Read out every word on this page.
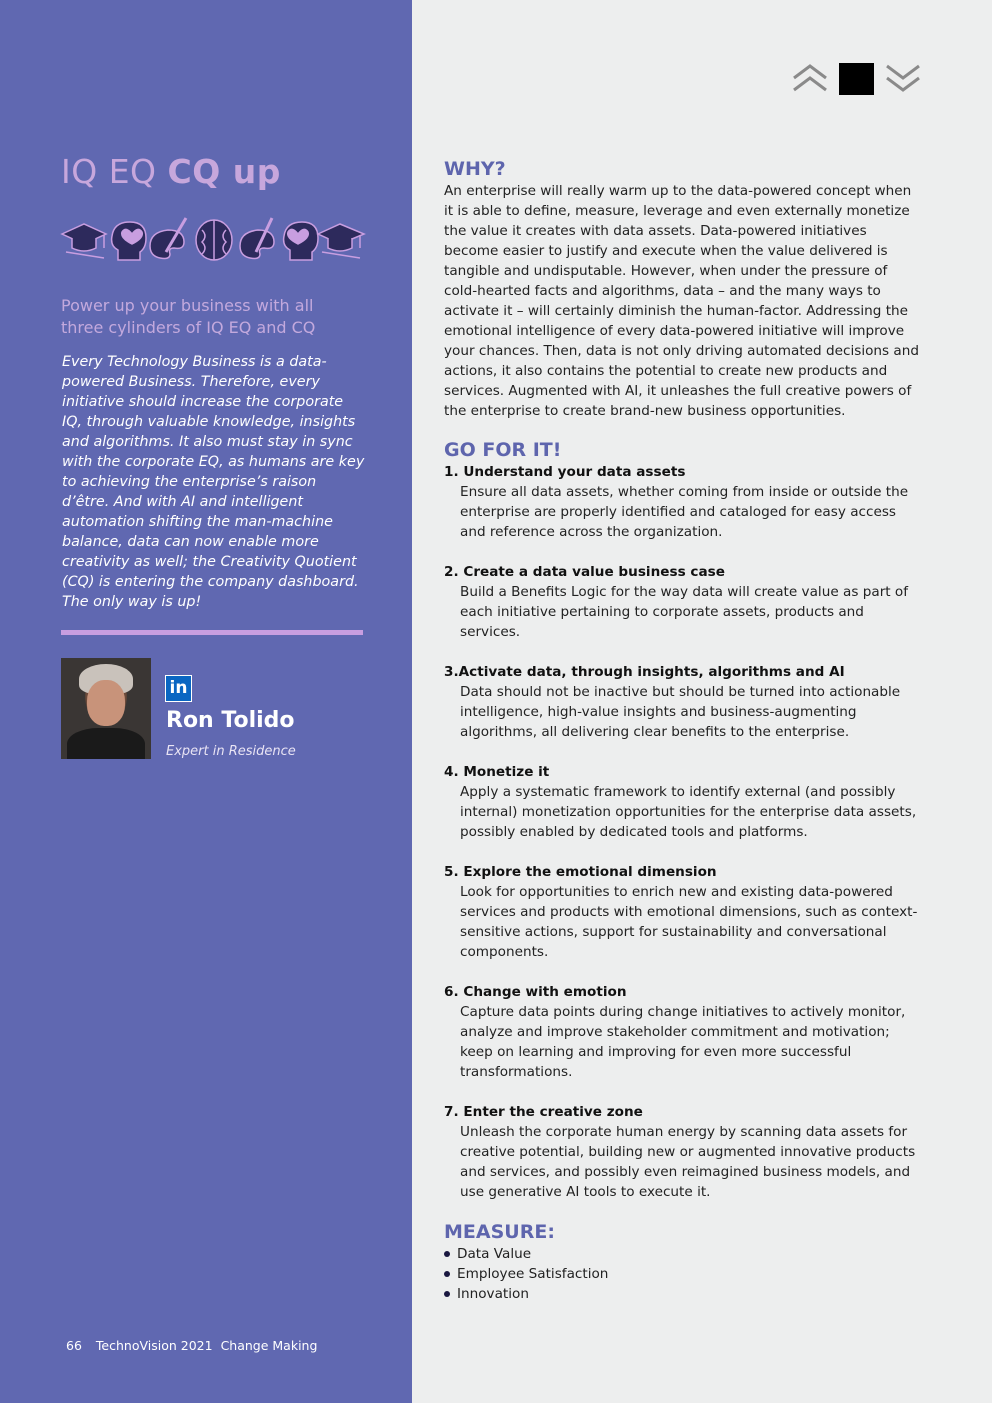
IQ EQ CQ up
Power up your business with all three cylinders of IQ EQ and CQ

Every Technology Business is a data-powered Business. Therefore, every initiative should increase the corporate IQ, through valuable knowledge, insights and algorithms. It also must stay in sync with the corporate EQ, as humans are key to achieving the enterprise’s raison d’être. And with AI and intelligent automation shifting the man-machine balance, data can now enable more creativity as well; the Creativity Quotient (CQ) is entering the company dashboard. The only way is up!

in

Ron Tolido

Expert in Residence

66 TechnoVision 2021 Change Making

WHY?

An enterprise will really warm up to the data-powered concept when it is able to define, measure, leverage and even externally monetize the value it creates with data assets. Data-powered initiatives become easier to justify and execute when the value delivered is tangible and undisputable. However, when under the pressure of cold-hearted facts and algorithms, data – and the many ways to activate it – will certainly diminish the human-factor. Addressing the emotional intelligence of every data-powered initiative will improve your chances. Then, data is not only driving automated decisions and actions, it also contains the potential to create new products and services. Augmented with AI, it unleashes the full creative powers of the enterprise to create brand-new business opportunities.

GO FOR IT!

1. Understand your data assets

Ensure all data assets, whether coming from inside or outside the enterprise are properly identified and cataloged for easy access and reference across the organization.

2. Create a data value business case

Build a Benefits Logic for the way data will create value as part of each initiative pertaining to corporate assets, products and services.

3.Activate data, through insights, algorithms and AI

Data should not be inactive but should be turned into actionable intelligence, high-value insights and business-augmenting algorithms, all delivering clear benefits to the enterprise.

4. Monetize it

Apply a systematic framework to identify external (and possibly internal) monetization opportunities for the enterprise data assets, possibly enabled by dedicated tools and platforms.

5. Explore the emotional dimension

Look for opportunities to enrich new and existing data-powered services and products with emotional dimensions, such as context-sensitive actions, support for sustainability and conversational components.

6. Change with emotion

Capture data points during change initiatives to actively monitor, analyze and improve stakeholder commitment and motivation; keep on learning and improving for even more successful transformations.

7. Enter the creative zone

Unleash the corporate human energy by scanning data assets for creative potential, building new or augmented innovative products and services, and possibly even reimagined business models, and use generative AI tools to execute it.

MEASURE:
Data Value
Employee Satisfaction
Innovation
